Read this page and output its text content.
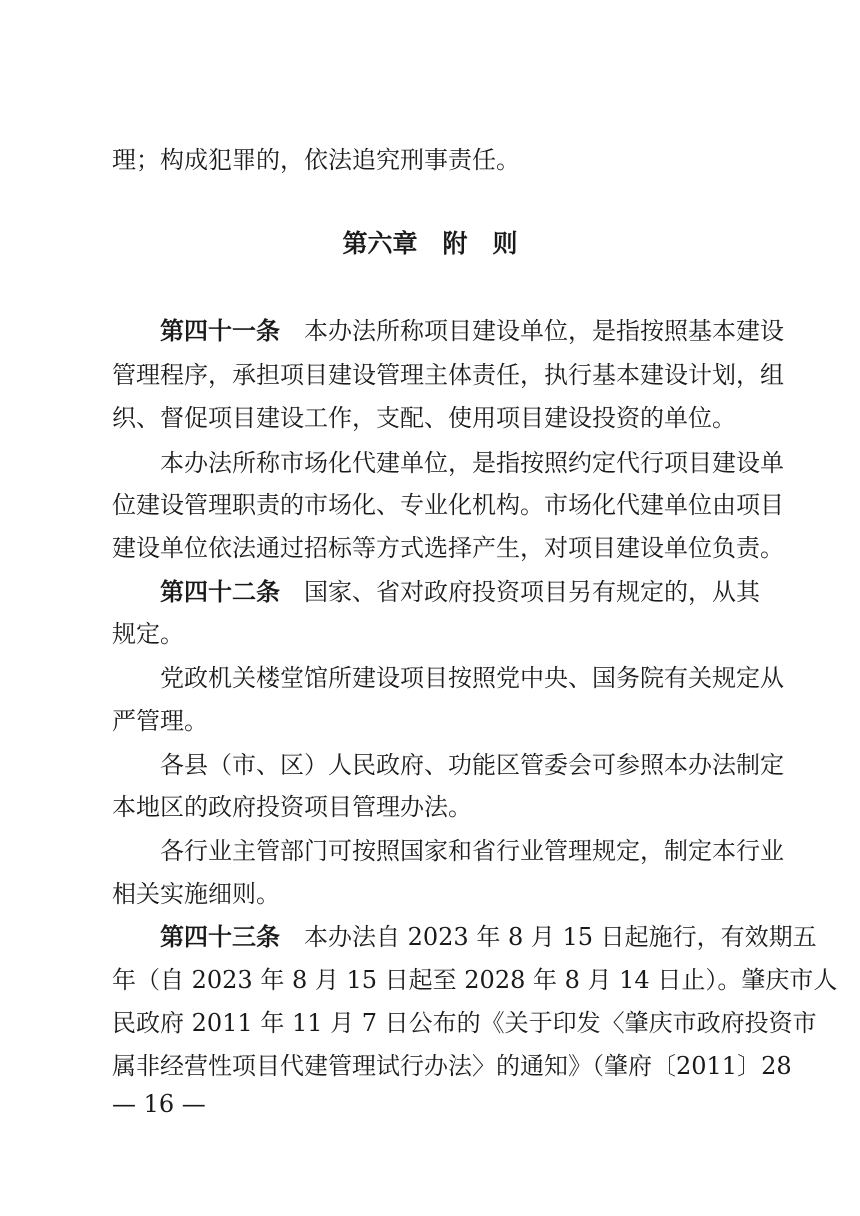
理；构成犯罪的，依法追究刑事责任。
第六章　附　则
第四十一条　本办法所称项目建设单位，是指按照基本建设
管理程序，承担项目建设管理主体责任，执行基本建设计划，组
织、督促项目建设工作，支配、使用项目建设投资的单位。
本办法所称市场化代建单位，是指按照约定代行项目建设单
位建设管理职责的市场化、专业化机构。市场化代建单位由项目
建设单位依法通过招标等方式选择产生，对项目建设单位负责。
第四十二条　国家、省对政府投资项目另有规定的，从其
规定。
党政机关楼堂馆所建设项目按照党中央、国务院有关规定从
严管理。
各县（市、区）人民政府、功能区管委会可参照本办法制定
本地区的政府投资项目管理办法。
各行业主管部门可按照国家和省行业管理规定，制定本行业
相关实施细则。
第四十三条　本办法自 2023 年 8 月 15 日起施行，有效期五
年（自 2023 年 8 月 15 日起至 2028 年 8 月 14 日止）。肇庆市人
民政府 2011 年 11 月 7 日公布的《关于印发〈肇庆市政府投资市
属非经营性项目代建管理试行办法〉的通知》（肇府〔2011〕28
— 16 —
